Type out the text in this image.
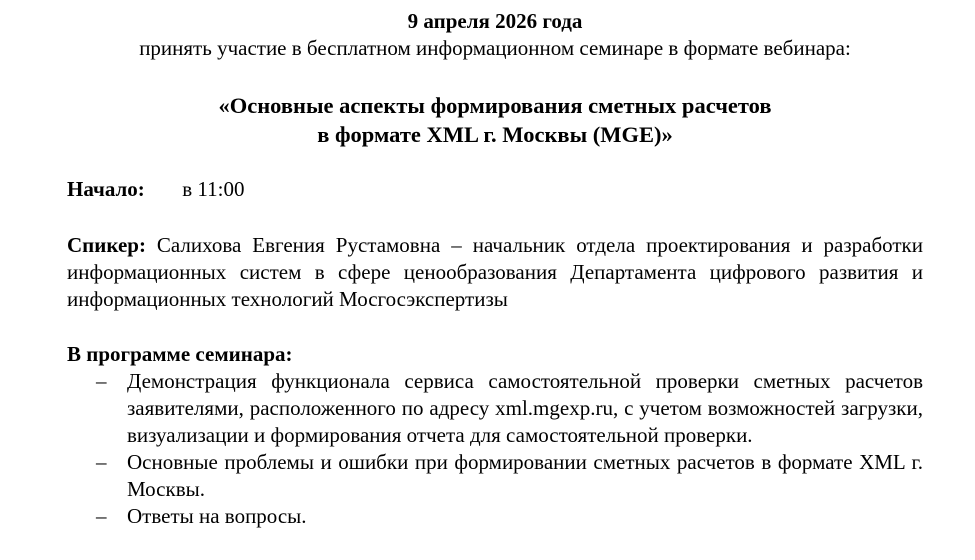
9 апреля 2026 года
принять участие в бесплатном информационном семинаре в формате вебинара:
«Основные аспекты формирования сметных расчетов
в формате XML г. Москвы (MGE)»
Начало: в 11:00
Спикер: Салихова Евгения Рустамовна – начальник отдела проектирования и разработки информационных систем в сфере ценообразования Департамента цифрового развития и информационных технологий Мосгосэкспертизы
В программе семинара:
– Демонстрация функционала сервиса самостоятельной проверки сметных расчетов заявителями, расположенного по адресу xml.mgexp.ru, с учетом возможностей загрузки, визуализации и формирования отчета для самостоятельной проверки.
– Основные проблемы и ошибки при формировании сметных расчетов в формате XML г. Москвы.
– Ответы на вопросы.
